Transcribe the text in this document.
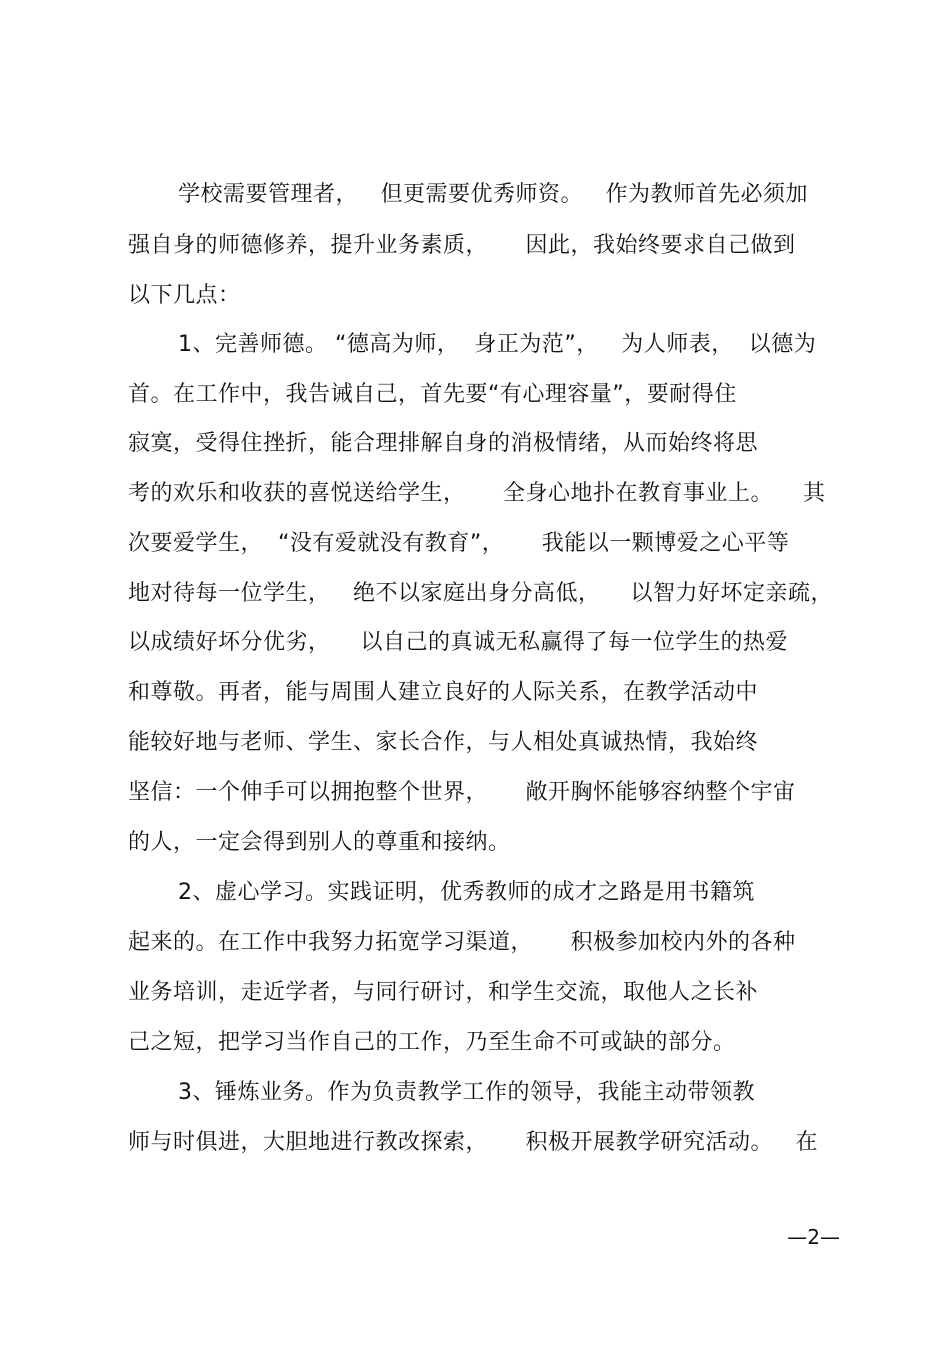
学校需要管理者，   但更需要优秀师资。   作为教师首先必须加
强自身的师德修养，提升业务素质，     因此，我始终要求自己做到
以下几点：
1、完善师德。 “德高为师，  身正为范”，   为人师表，  以德为
首。在工作中，我告诫自己，首先要“有心理容量”，要耐得住
寂寞，受得住挫折，能合理排解自身的消极情绪，从而始终将思
考的欢乐和收获的喜悦送给学生，     全身心地扑在教育事业上。    其
次要爱学生，  “没有爱就没有教育”，     我能以一颗博爱之心平等
地对待每一位学生，   绝不以家庭出身分高低，    以智力好坏定亲疏，
以成绩好坏分优劣，    以自己的真诚无私赢得了每一位学生的热爱
和尊敬。再者，能与周围人建立良好的人际关系，在教学活动中
能较好地与老师、学生、家长合作，与人相处真诚热情，我始终
坚信：一个伸手可以拥抱整个世界，     敞开胸怀能够容纳整个宇宙
的人，一定会得到别人的尊重和接纳。
2、虚心学习。实践证明，优秀教师的成才之路是用书籍筑
起来的。在工作中我努力拓宽学习渠道，     积极参加校内外的各种
业务培训，走近学者，与同行研讨，和学生交流，取他人之长补
己之短，把学习当作自己的工作，乃至生命不可或缺的部分。
3、锤炼业务。作为负责教学工作的领导，我能主动带领教
师与时俱进，大胆地进行教改探索，     积极开展教学研究活动。   在
—2—
